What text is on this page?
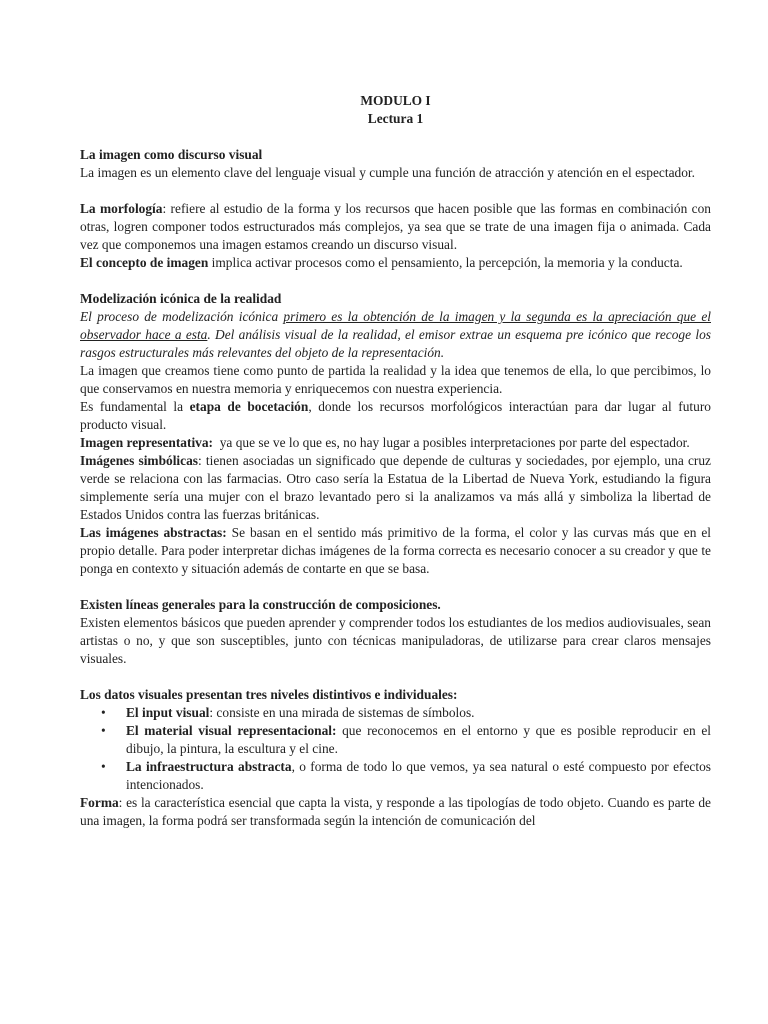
MODULO I

Lectura 1

La imagen como discurso visual

La imagen es un elemento clave del lenguaje visual y cumple una función de atracción y atención en el espectador.

La morfología: refiere al estudio de la forma y los recursos que hacen posible que las formas en combinación con otras, logren componer todos estructurados más complejos, ya sea que se trate de una imagen fija o animada. Cada vez que componemos una imagen estamos creando un discurso visual.

El concepto de imagen implica activar procesos como el pensamiento, la percepción, la memoria y la conducta.

Modelización icónica de la realidad

El proceso de modelización icónica primero es la obtención de la imagen y la segunda es la apreciación que el observador hace a esta. Del análisis visual de la realidad, el emisor extrae un esquema pre icónico que recoge los rasgos estructurales más relevantes del objeto de la representación.

La imagen que creamos tiene como punto de partida la realidad y la idea que tenemos de ella, lo que percibimos, lo que conservamos en nuestra memoria y enriquecemos con nuestra experiencia.

Es fundamental la etapa de bocetación, donde los recursos morfológicos interactúan para dar lugar al futuro producto visual.

Imagen representativa:  ya que se ve lo que es, no hay lugar a posibles interpretaciones por parte del espectador.

Imágenes simbólicas: tienen asociadas un significado que depende de culturas y sociedades, por ejemplo, una cruz verde se relaciona con las farmacias. Otro caso sería la Estatua de la Libertad de Nueva York, estudiando la figura simplemente sería una mujer con el brazo levantado pero si la analizamos va más allá y simboliza la libertad de Estados Unidos contra las fuerzas británicas.

Las imágenes abstractas: Se basan en el sentido más primitivo de la forma, el color y las curvas más que en el propio detalle. Para poder interpretar dichas imágenes de la forma correcta es necesario conocer a su creador y que te ponga en contexto y situación además de contarte en que se basa.

Existen líneas generales para la construcción de composiciones.

Existen elementos básicos que pueden aprender y comprender todos los estudiantes de los medios audiovisuales, sean artistas o no, y que son susceptibles, junto con técnicas manipuladoras, de utilizarse para crear claros mensajes visuales.

Los datos visuales presentan tres niveles distintivos e individuales:

• El input visual: consiste en una mirada de sistemas de símbolos.
• El material visual representacional: que reconocemos en el entorno y que es posible reproducir en el dibujo, la pintura, la escultura y el cine.
• La infraestructura abstracta, o forma de todo lo que vemos, ya sea natural o esté compuesto por efectos intencionados.

Forma: es la característica esencial que capta la vista, y responde a las tipologías de todo objeto. Cuando es parte de una imagen, la forma podrá ser transformada según la intención de comunicación del
